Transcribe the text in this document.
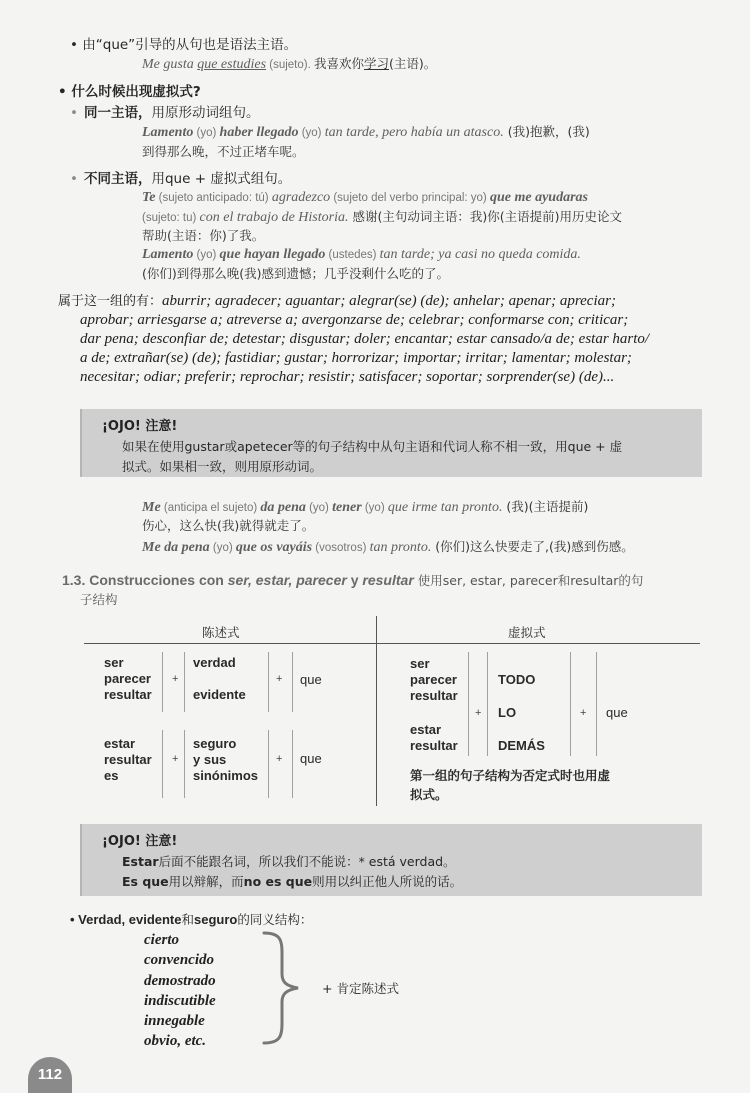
• 由“que”引导的从句也是语法主语。
Me gusta que estudies (sujeto). 我喜欢你学习(主语)。
• 什么时候出现虚拟式?
• 同一主语，用原形动词组句。
Lamento (yo) haber llegado (yo) tan tarde, pero había un atasco. (我)抱歉，(我)
到得那么晚，不过正堵车呢。
• 不同主语，用que + 虚拟式组句。
Te (sujeto anticipado: tú) agradezco (sujeto del verbo principal: yo) que me ayudaras
(sujeto: tu) con el trabajo de Historia. 感谢(主句动词主语：我)你(主语提前)用历史论文
帮助(主语：你)了我。
Lamento (yo) que hayan llegado (ustedes) tan tarde; ya casi no queda comida.
(你们)到得那么晚(我)感到遗憾；几乎没剩什么吃的了。
属于这一组的有：aburrir; agradecer; aguantar; alegrar(se) (de); anhelar; apenar; apreciar;
aprobar; arriesgarse a; atreverse a; avergonzarse de; celebrar; conformarse con; criticar;
dar pena; desconfiar de; detestar; disgustar; doler; encantar; estar cansado/a de; estar harto/
a de; extrañar(se) (de); fastidiar; gustar; horrorizar; importar; irritar; lamentar; molestar;
necesitar; odiar; preferir; reprochar; resistir; satisfacer; soportar; sorprender(se) (de)...
¡OJO! 注意!
如果在使用gustar或apetecer等的句子结构中从句主语和代词人称不相一致，用que + 虚
拟式。如果相一致，则用原形动词。
Me (anticipa el sujeto) da pena (yo) tener (yo) que irme tan pronto. (我)(主语提前)
伤心，这么快(我)就得就走了。
Me da pena (yo) que os vayáis (vosotros) tan pronto. (你们)这么快要走了,(我)感到伤感。
1.3. Construcciones con ser, estar, parecer y resultar 使用ser, estar, parecer和resultar的句
子结构
陈述式	虚拟式
ser
parecer
resultar
+
verdad
evidente
+ que
estar
resultar
es
+
seguro
y sus
sinónimos
+ que
ser
parecer
resultar
estar
resultar
+
TODO
LO
DEMÁS
+ que
第一组的句子结构为否定式时也用虚
拟式。
¡OJO! 注意!
Estar后面不能跟名词，所以我们不能说：* está verdad。
Es que用以辩解，而no es que则用以纠正他人所说的话。
• Verdad, evidente和seguro的同义结构：
cierto
convencido
demostrado
indiscutible
innegable
obvio, etc.
+ 肯定陈述式
112
